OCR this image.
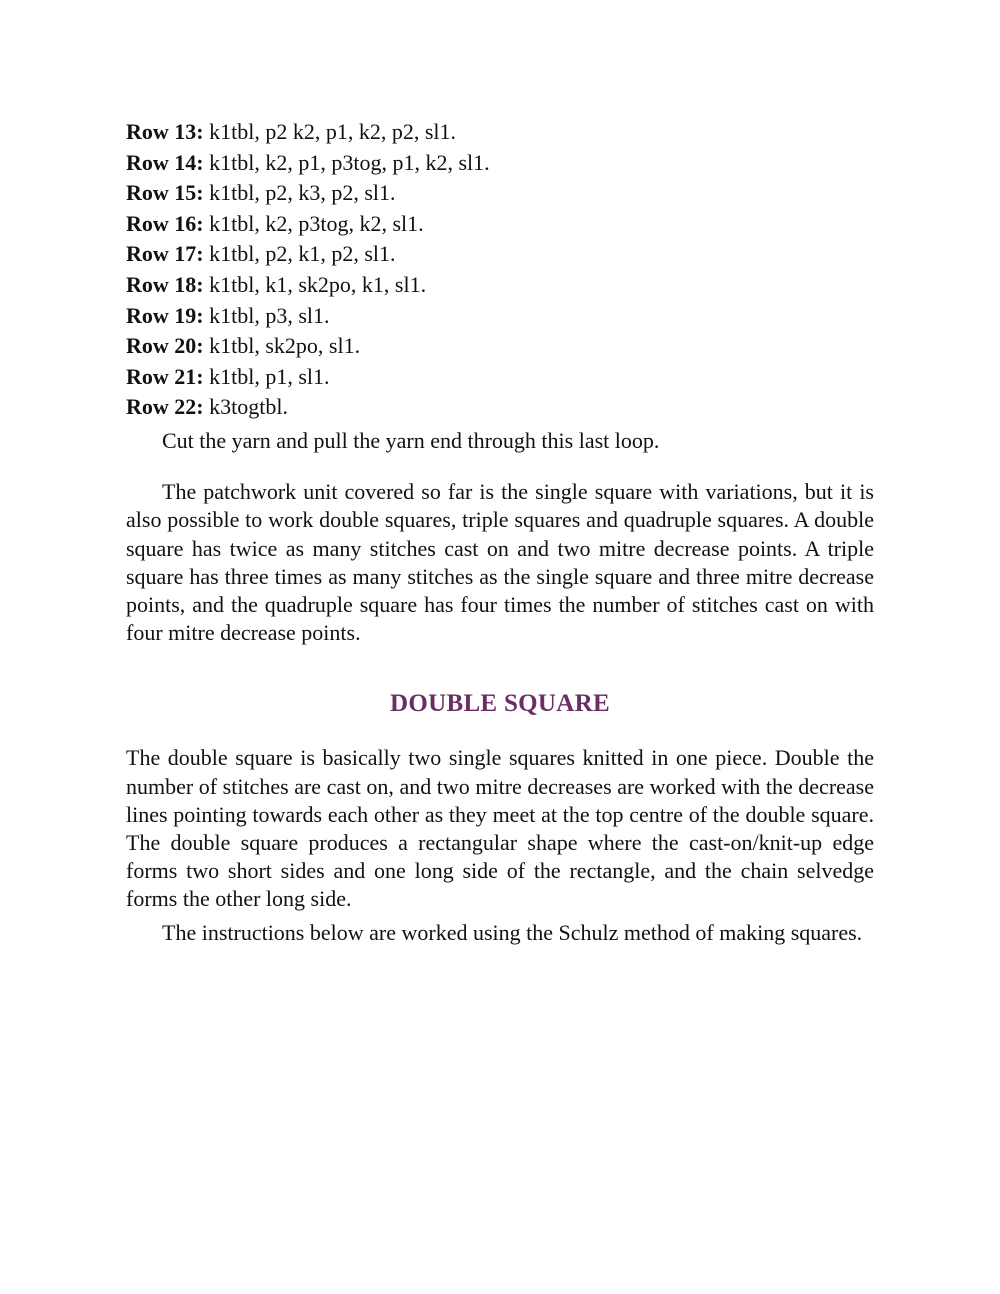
Row 13: k1tbl, p2 k2, p1, k2, p2, sl1.
Row 14: k1tbl, k2, p1, p3tog, p1, k2, sl1.
Row 15: k1tbl, p2, k3, p2, sl1.
Row 16: k1tbl, k2, p3tog, k2, sl1.
Row 17: k1tbl, p2, k1, p2, sl1.
Row 18: k1tbl, k1, sk2po, k1, sl1.
Row 19: k1tbl, p3, sl1.
Row 20: k1tbl, sk2po, sl1.
Row 21: k1tbl, p1, sl1.
Row 22: k3togtbl.

Cut the yarn and pull the yarn end through this last loop.

The patchwork unit covered so far is the single square with variations, but it is also possible to work double squares, triple squares and quadruple squares. A double square has twice as many stitches cast on and two mitre decrease points. A triple square has three times as many stitches as the single square and three mitre decrease points, and the quadruple square has four times the number of stitches cast on with four mitre decrease points.

DOUBLE SQUARE

The double square is basically two single squares knitted in one piece. Double the number of stitches are cast on, and two mitre decreases are worked with the decrease lines pointing towards each other as they meet at the top centre of the double square. The double square produces a rectangular shape where the cast-on/knit-up edge forms two short sides and one long side of the rectangle, and the chain selvedge forms the other long side.

The instructions below are worked using the Schulz method of making squares.
